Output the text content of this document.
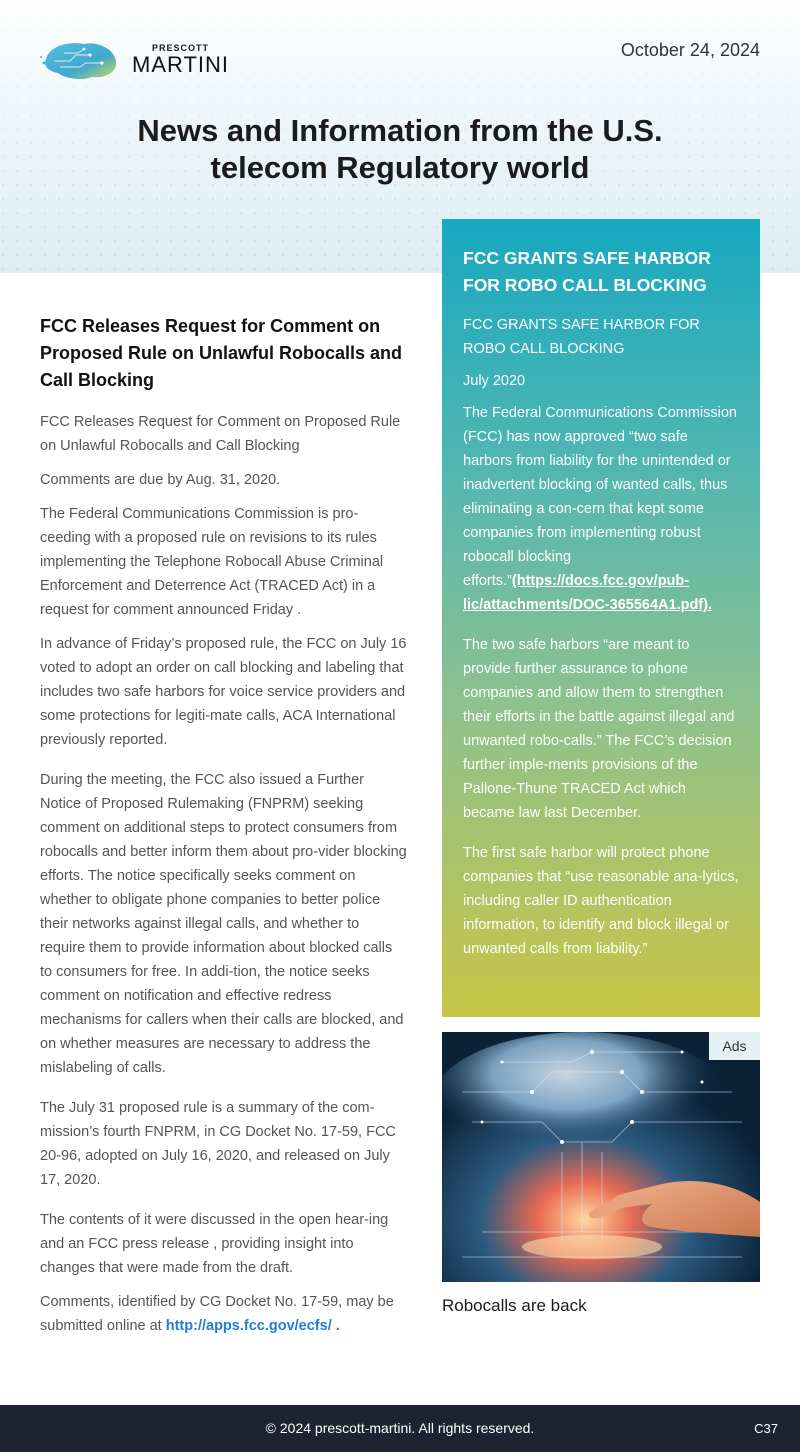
PRESCOTT
MARTINI
October 24, 2024
News and Information from the U.S.
telecom Regulatory world
FCC Releases Request for Comment on Proposed Rule on Unlawful Robocalls and Call Blocking

FCC Releases Request for Comment on Proposed Rule on Unlawful Robocalls and Call Blocking

Comments are due by Aug. 31, 2020.

The Federal Communications Commission is pro-ceeding with a proposed rule on revisions to its rules implementing the Telephone Robocall Abuse Criminal Enforcement and Deterrence Act (TRACED Act) in a request for comment announced Friday .

In advance of Friday’s proposed rule, the FCC on July 16 voted to adopt an order on call blocking and labeling that includes two safe harbors for voice service providers and some protections for legiti-mate calls, ACA International previously reported.

During the meeting, the FCC also issued a Further Notice of Proposed Rulemaking (FNPRM) seeking comment on additional steps to protect consumers from robocalls and better inform them about pro-vider blocking efforts. The notice specifically seeks comment on whether to obligate phone companies to better police their networks against illegal calls, and whether to require them to provide information about blocked calls to consumers for free. In addi-tion, the notice seeks comment on notification and effective redress mechanisms for callers when their calls are blocked, and on whether measures are necessary to address the mislabeling of calls.

The July 31 proposed rule is a summary of the com-mission’s fourth FNPRM, in CG Docket No. 17-59, FCC 20-96, adopted on July 16, 2020, and released on July 17, 2020.

The contents of it were discussed in the open hear-ing and an FCC press release , providing insight into changes that were made from the draft.

Comments, identified by CG Docket No. 17-59, may be submitted online at http://apps.fcc.gov/ecfs/ .

FCC GRANTS SAFE HARBOR FOR ROBO CALL BLOCKING

FCC GRANTS SAFE HARBOR FOR ROBO CALL BLOCKING

July 2020

The Federal Communications Commission (FCC) has now approved “two safe harbors from liability for the unintended or inadvertent blocking of wanted calls, thus eliminating a con-cern that kept some companies from implementing robust robocall blocking efforts.”(https://docs.fcc.gov/pub-lic/attachments/DOC-365564A1.pdf).

The two safe harbors “are meant to provide further assurance to phone companies and allow them to strengthen their efforts in the battle against illegal and unwanted robo-calls.” The FCC’s decision further imple-ments provisions of the Pallone-Thune TRACED Act which became law last December.

The first safe harbor will protect phone companies that “use reasonable ana-lytics, including caller ID authentication information, to identify and block illegal or unwanted calls from liability.”

Ads
Robocalls are back
© 2024 prescott-martini. All rights reserved.	C37
